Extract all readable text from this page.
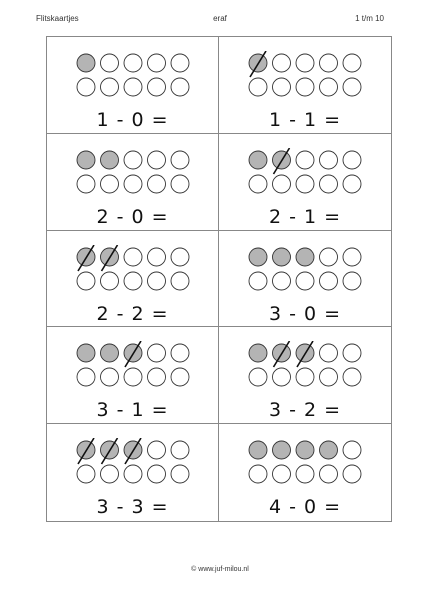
Flitskaartjes	eraf	1 t/m 10
1 - 0 =	1 - 1 =
2 - 0 =	2 - 1 =
2 - 2 =	3 - 0 =
3 - 1 =	3 - 2 =
3 - 3 =	4 - 0 =
© www.juf-milou.nl
